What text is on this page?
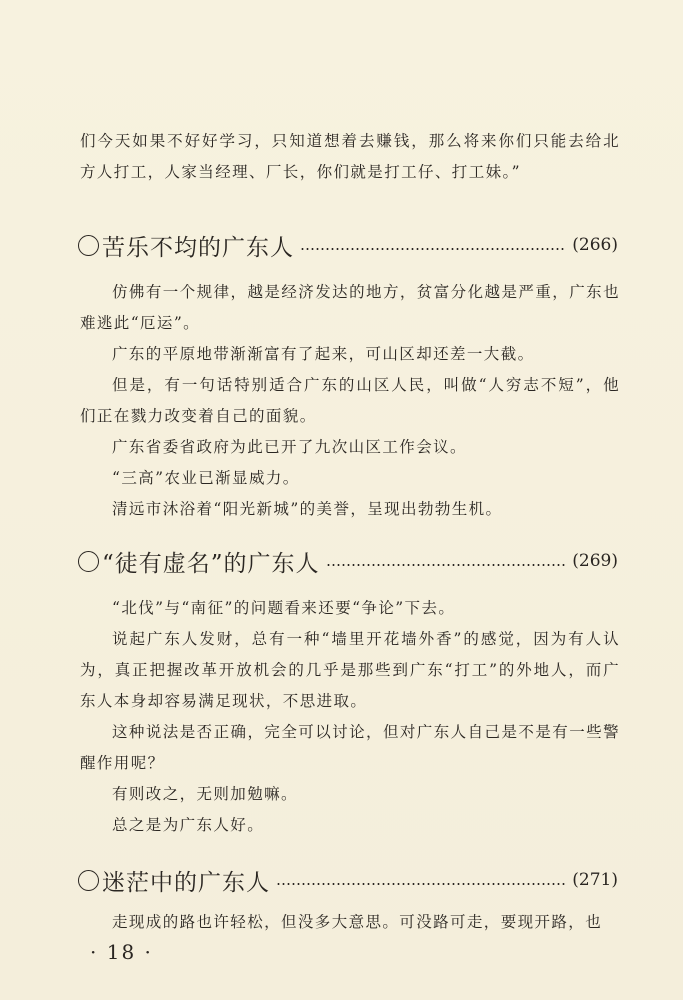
们今天如果不好好学习，只知道想着去赚钱，那么将来你们只能去给北方人打工，人家当经理、厂长，你们就是打工仔、打工妹。”

苦乐不均的广东人	(266)

仿佛有一个规律，越是经济发达的地方，贫富分化越是严重，广东也难逃此“厄运”。

广东的平原地带渐渐富有了起来，可山区却还差一大截。

但是，有一句话特别适合广东的山区人民，叫做“人穷志不短”，他们正在戮力改变着自己的面貌。

广东省委省政府为此已开了九次山区工作会议。

“三高”农业已渐显威力。

清远市沐浴着“阳光新城”的美誉，呈现出勃勃生机。

“徒有虚名”的广东人	(269)

“北伐”与“南征”的问题看来还要“争论”下去。

说起广东人发财，总有一种“墙里开花墙外香”的感觉，因为有人认为，真正把握改革开放机会的几乎是那些到广东“打工”的外地人，而广东人本身却容易满足现状，不思进取。

这种说法是否正确，完全可以讨论，但对广东人自己是不是有一些警醒作用呢？

有则改之，无则加勉嘛。

总之是为广东人好。

迷茫中的广东人	(271)

走现成的路也许轻松，但没多大意思。可没路可走，要现开路，也

· 18 ·
